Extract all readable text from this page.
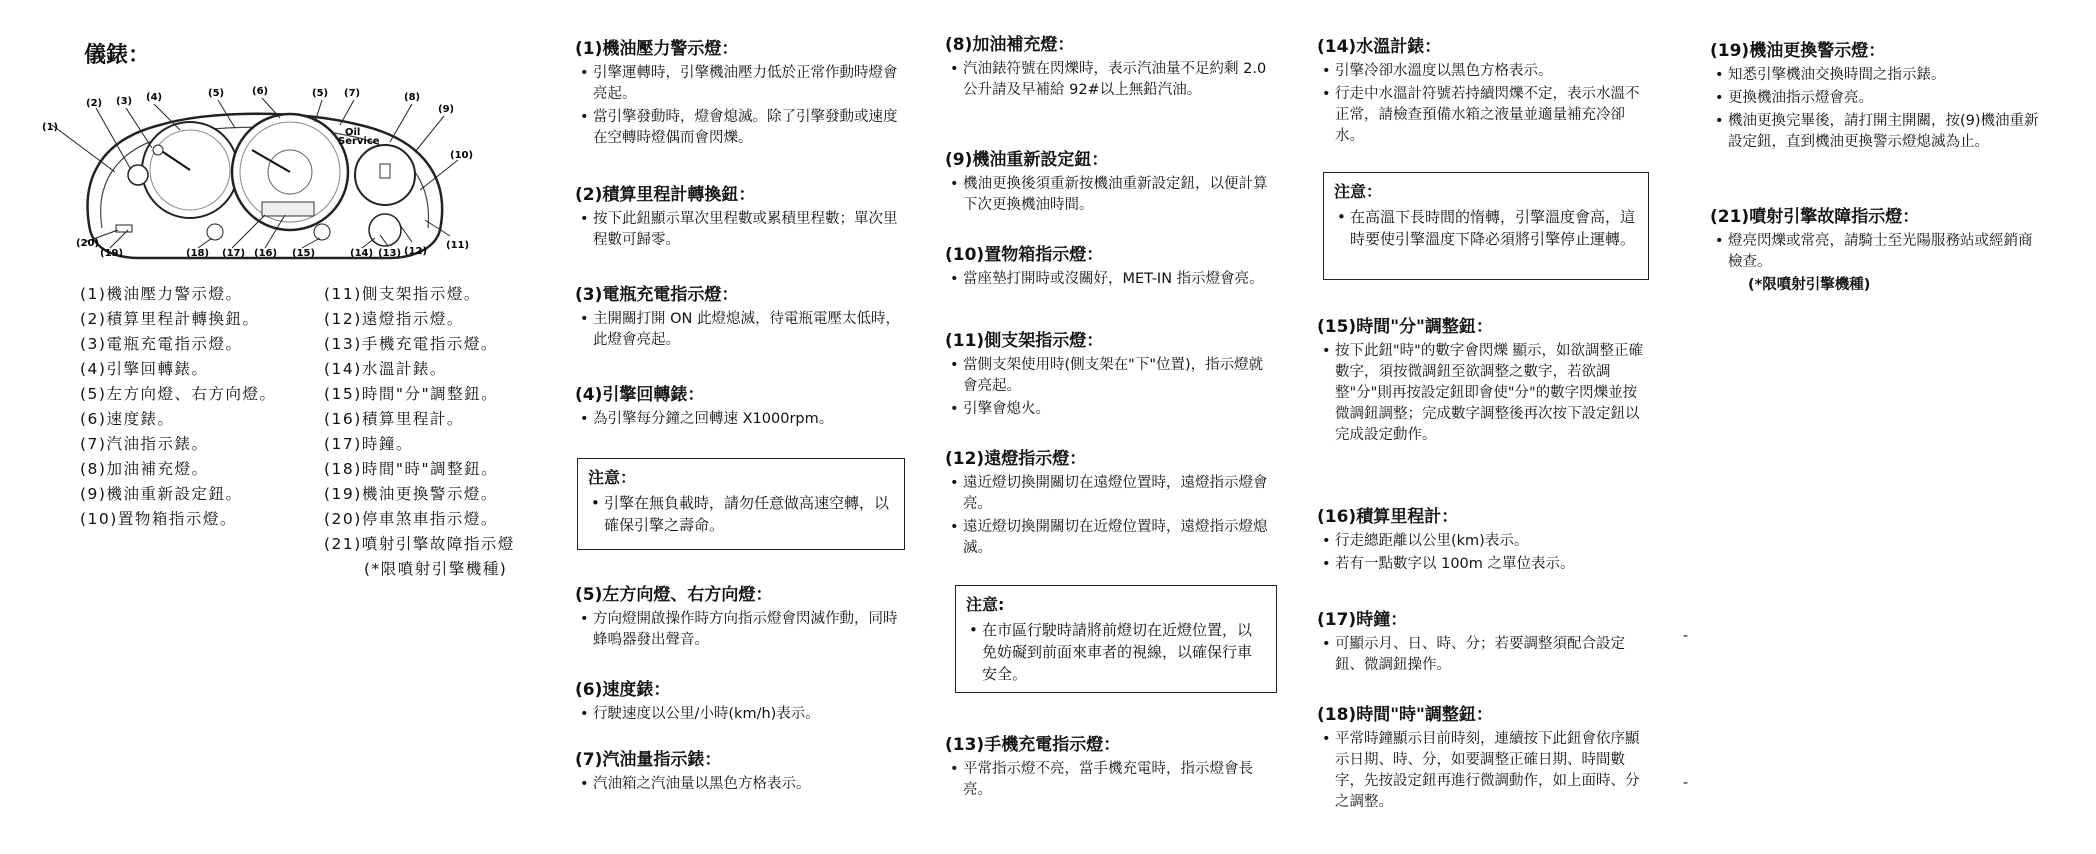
儀錶：
Oil
Service
(1)
(2) (3) (4)	(5)	(6)	(5) (7)	(8)
(9)
(10)
(11)
(12)
(13)
(14)
(15)
(16)
(17)
(18)
(19)
(20)
(1)機油壓力警示燈。
(2)積算里程計轉換鈕。
(3)電瓶充電指示燈。
(4)引擎回轉錶。
(5)左方向燈、右方向燈。
(6)速度錶。
(7)汽油指示錶。
(8)加油補充燈。
(9)機油重新設定鈕。
(10)置物箱指示燈。
(11)側支架指示燈。
(12)遠燈指示燈。
(13)手機充電指示燈。
(14)水溫計錶。
(15)時間"分"調整鈕。
(16)積算里程計。
(17)時鐘。
(18)時間"時"調整鈕。
(19)機油更換警示燈。
(20)停車煞車指示燈。
(21)噴射引擎故障指示燈
(*限噴射引擎機種)
(1)機油壓力警示燈：
• 引擎運轉時，引擎機油壓力低於正常作動時燈會亮起。
• 當引擎發動時，燈會熄滅。除了引擎發動或速度在空轉時燈偶而會閃爍。
(2)積算里程計轉換鈕：
• 按下此鈕顯示單次里程數或累積里程數；單次里程數可歸零。
(3)電瓶充電指示燈：
• 主開關打開 ON 此燈熄滅，待電瓶電壓太低時，此燈會亮起。
(4)引擎回轉錶：
• 為引擎每分鐘之回轉速 X1000rpm。
注意：
• 引擎在無負載時，請勿任意做高速空轉，以確保引擎之壽命。
(5)左方向燈、右方向燈：
• 方向燈開啟操作時方向指示燈會閃滅作動，同時蜂鳴器發出聲音。
(6)速度錶：
• 行駛速度以公里/小時(km/h)表示。
(7)汽油量指示錶：
• 汽油箱之汽油量以黑色方格表示。
(8)加油補充燈：
• 汽油錶符號在閃爍時，表示汽油量不足約剩 2.0 公升請及早補給 92#以上無鉛汽油。
(9)機油重新設定鈕：
• 機油更換後須重新按機油重新設定鈕，以便計算下次更換機油時間。
(10)置物箱指示燈：
• 當座墊打開時或沒關好，MET-IN 指示燈會亮。
(11)側支架指示燈：
• 當側支架使用時(側支架在"下"位置)，指示燈就會亮起。
• 引擎會熄火。
(12)遠燈指示燈：
• 遠近燈切換開關切在遠燈位置時，遠燈指示燈會亮。
• 遠近燈切換開關切在近燈位置時，遠燈指示燈熄滅。
注意:
• 在市區行駛時請將前燈切在近燈位置，以免妨礙到前面來車者的視線，以確保行車安全。
(13)手機充電指示燈：
• 平常指示燈不亮，當手機充電時，指示燈會長亮。
(14)水溫計錶：
• 引擎冷卻水溫度以黑色方格表示。
• 行走中水溫計符號若持續閃爍不定，表示水溫不正常，請檢查預備水箱之液量並適量補充冷卻水。
注意：
• 在高溫下長時間的惰轉，引擎溫度會高，這時要使引擎溫度下降必須將引擎停止運轉。
(15)時間"分"調整鈕：
• 按下此鈕"時"的數字會閃爍 顯示，如欲調整正確數字，須按微調鈕至欲調整之數字，若欲調整"分"則再按設定鈕即會使"分"的數字閃爍並按微調鈕調整；完成數字調整後再次按下設定鈕以完成設定動作。
(16)積算里程計：
• 行走總距離以公里(km)表示。
• 若有一點數字以 100m 之單位表示。
(17)時鐘：
• 可顯示月、日、時、分；若要調整須配合設定鈕、微調鈕操作。
(18)時間"時"調整鈕：
• 平常時鐘顯示目前時刻，連續按下此鈕會依序顯示日期、時、分，如要調整正確日期、時間數字，先按設定鈕再進行微調動作，如上面時、分之調整。
-
-
(19)機油更換警示燈：
• 知悉引擎機油交換時間之指示錶。
• 更換機油指示燈會亮。
• 機油更換完畢後，請打開主開關，按(9)機油重新設定鈕，直到機油更換警示燈熄滅為止。
(21)噴射引擎故障指示燈：
• 燈亮閃爍或常亮，請騎士至光陽服務站或經銷商檢查。
(*限噴射引擎機種)
